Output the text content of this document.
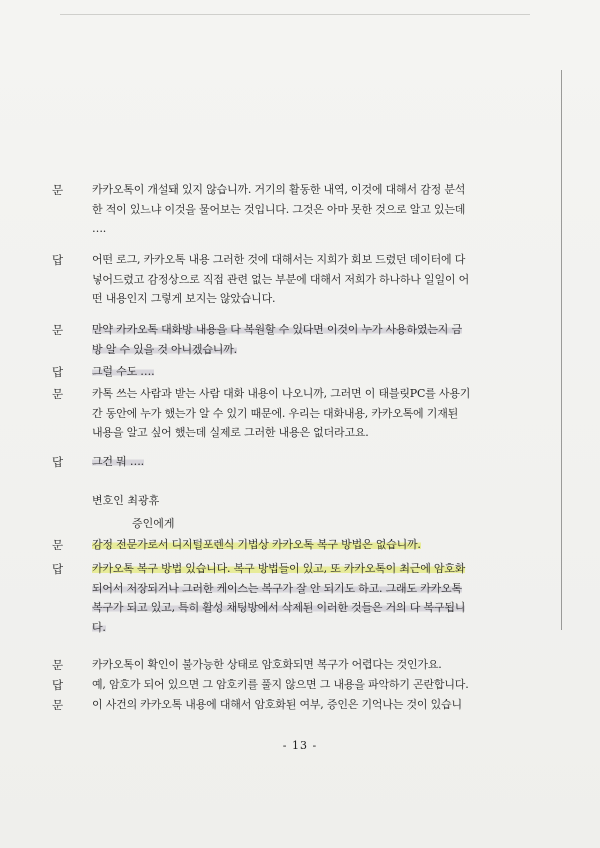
문	카카오톡이 개설돼 있지 않습니까. 거기의 활동한 내역, 이것에 대해서 감정 분석
한 적이 있느냐 이것을 물어보는 것입니다. 그것은 아마 못한 것으로 알고 있는데
….
답	어떤 로그, 카카오톡 내용 그러한 것에 대해서는 지희가 회보 드렸던 데이터에 다
넣어드렸고 감정상으로 직접 관련 없는 부분에 대해서 저희가 하나하나 일일이 어
떤 내용인지 그렇게 보지는 않았습니다.
문	만약 카카오톡 대화방 내용을 다 복원할 수 있다면 이것이 누가 사용하였는지 금
방 알 수 있을 것 아니겠습니까.
답	그럴 수도 ….
문	카톡 쓰는 사람과 받는 사람 대화 내용이 나오니까, 그러면 이 태블릿PC를 사용기
간 동안에 누가 했는가 알 수 있기 때문에. 우리는 대화내용, 카카오톡에 기재된
내용을 알고 싶어 했는데 실제로 그러한 내용은 없더라고요.
답	그건 뭐 ….
변호인 최광휴
증인에게
문	감정 전문가로서 디지털포렌식 기법상 카카오톡 복구 방법은 없습니까.
답	카카오톡 복구 방법 있습니다. 복구 방법들이 있고, 또 카카오톡이 최근에 암호화
되어서 저장되거나 그러한 케이스는 복구가 잘 안 되기도 하고. 그래도 카카오톡
복구가 되고 있고, 특히 활성 채팅방에서 삭제된 이러한 것들은 거의 다 복구됩니
다.
문	카카오톡이 확인이 불가능한 상태로 암호화되면 복구가 어렵다는 것인가요.
답	예, 암호가 되어 있으면 그 암호키를 풀지 않으면 그 내용을 파악하기 곤란합니다.
문	이 사건의 카카오톡 내용에 대해서 암호화된 여부, 증인은 기억나는 것이 있습니
- 13 -
